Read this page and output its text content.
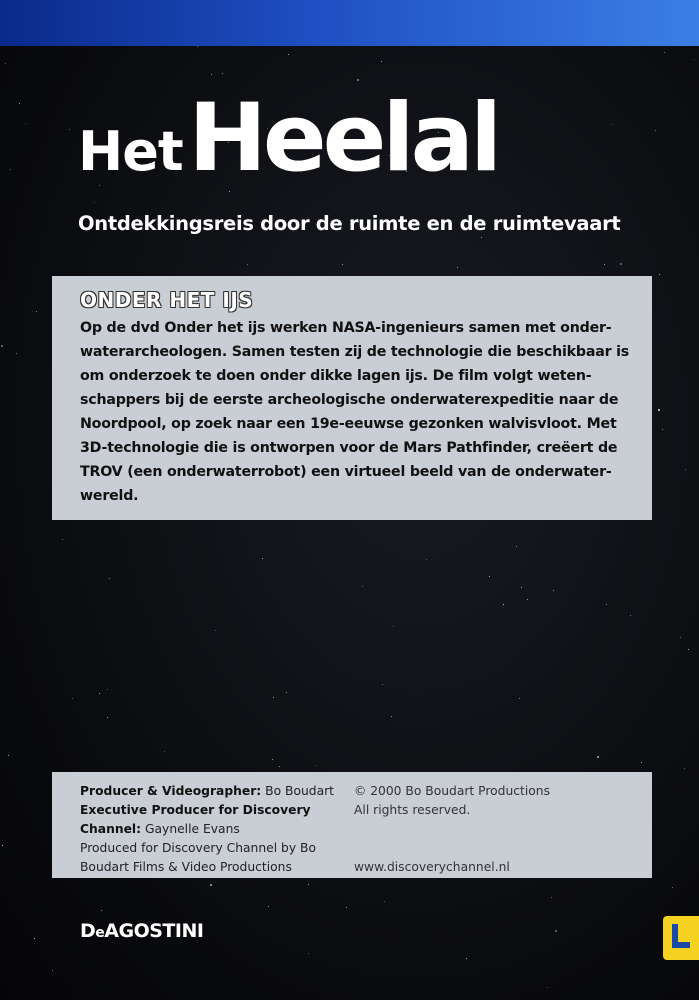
Het Heelal
Ontdekkingsreis door de ruimte en de ruimtevaart
ONDER HET IJS
Op de dvd Onder het ijs werken NASA-ingenieurs samen met onder-
waterarcheologen. Samen testen zij de technologie die beschikbaar is
om onderzoek te doen onder dikke lagen ijs. De film volgt weten-
schappers bij de eerste archeologische onderwaterexpeditie naar de
Noordpool, op zoek naar een 19e-eeuwse gezonken walvisvloot. Met
3D-technologie die is ontworpen voor de Mars Pathfinder, creëert de
TROV (een onderwaterrobot) een virtueel beeld van de onderwater-
wereld.
Producer & Videographer: Bo Boudart
Executive Producer for Discovery
Channel: Gaynelle Evans
Produced for Discovery Channel by Bo
Boudart Films & Video Productions
© 2000 Bo Boudart Productions
All rights reserved.

www.discoverychannel.nl
DeAGOSTINI
